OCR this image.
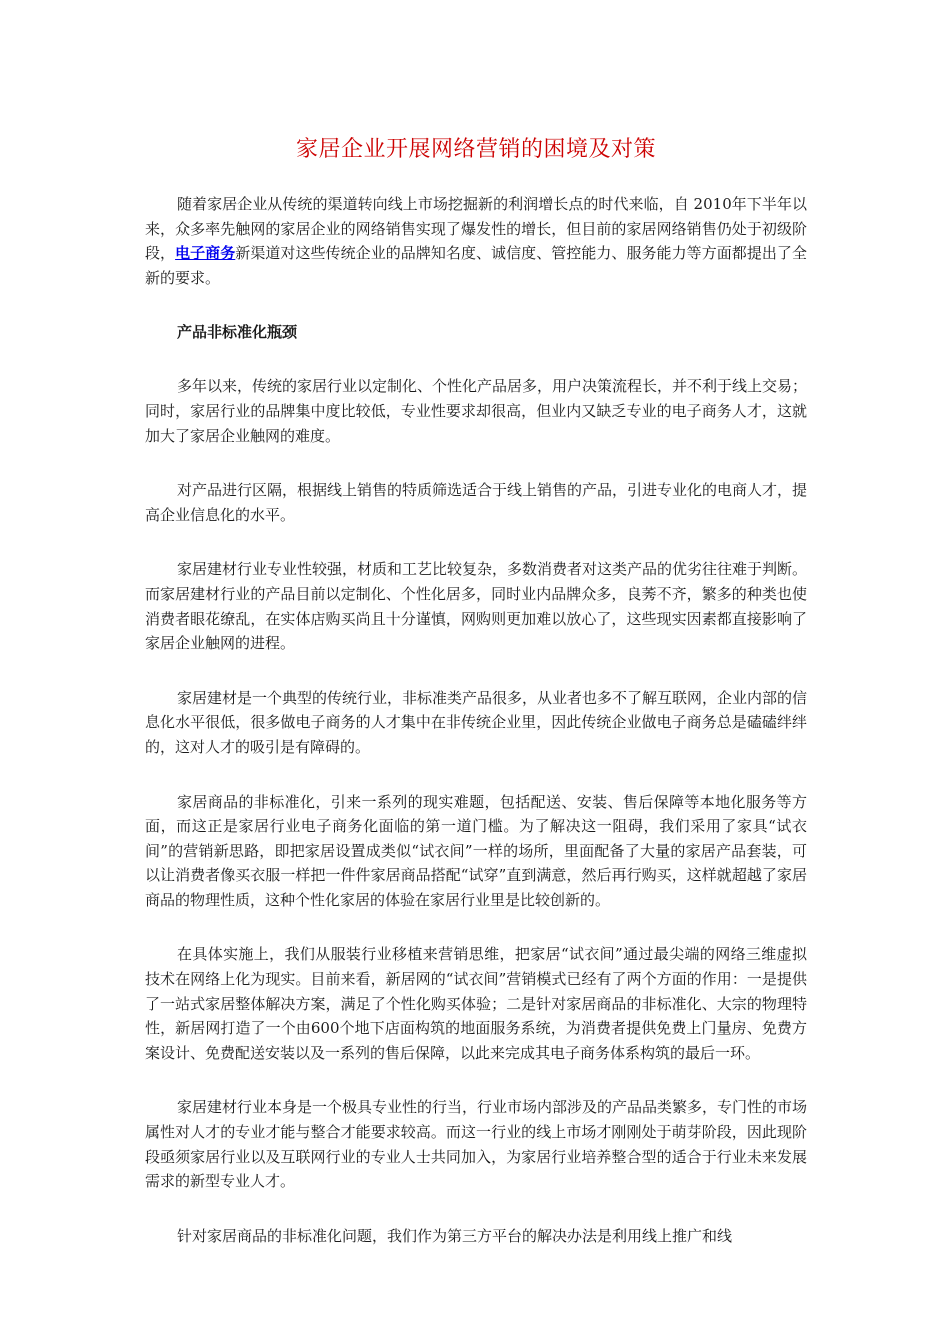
家居企业开展网络营销的困境及对策

随着家居企业从传统的渠道转向线上市场挖掘新的利润增长点的时代来临，自 2010年下半年以来，众多率先触网的家居企业的网络销售实现了爆发性的增长，但目前的家居网络销售仍处于初级阶段，电子商务新渠道对这些传统企业的品牌知名度、诚信度、管控能力、服务能力等方面都提出了全新的要求。

产品非标准化瓶颈

多年以来，传统的家居行业以定制化、个性化产品居多，用户决策流程长，并不利于线上交易；同时，家居行业的品牌集中度比较低，专业性要求却很高，但业内又缺乏专业的电子商务人才，这就加大了家居企业触网的难度。

对产品进行区隔，根据线上销售的特质筛选适合于线上销售的产品，引进专业化的电商人才，提高企业信息化的水平。

家居建材行业专业性较强，材质和工艺比较复杂，多数消费者对这类产品的优劣往往难于判断。而家居建材行业的产品目前以定制化、个性化居多，同时业内品牌众多，良莠不齐，繁多的种类也使消费者眼花缭乱，在实体店购买尚且十分谨慎，网购则更加难以放心了，这些现实因素都直接影响了家居企业触网的进程。

家居建材是一个典型的传统行业，非标准类产品很多，从业者也多不了解互联网，企业内部的信息化水平很低，很多做电子商务的人才集中在非传统企业里，因此传统企业做电子商务总是磕磕绊绊的，这对人才的吸引是有障碍的。

家居商品的非标准化，引来一系列的现实难题，包括配送、安装、售后保障等本地化服务等方面，而这正是家居行业电子商务化面临的第一道门槛。为了解决这一阻碍，我们采用了家具“试衣间”的营销新思路，即把家居设置成类似“试衣间”一样的场所，里面配备了大量的家居产品套装，可以让消费者像买衣服一样把一件件家居商品搭配“试穿”直到满意，然后再行购买，这样就超越了家居商品的物理性质，这种个性化家居的体验在家居行业里是比较创新的。

在具体实施上，我们从服装行业移植来营销思维，把家居“试衣间”通过最尖端的网络三维虚拟技术在网络上化为现实。目前来看，新居网的“试衣间”营销模式已经有了两个方面的作用：一是提供了一站式家居整体解决方案，满足了个性化购买体验；二是针对家居商品的非标准化、大宗的物理特性，新居网打造了一个由600个地下店面构筑的地面服务系统，为消费者提供免费上门量房、免费方案设计、免费配送安装以及一系列的售后保障，以此来完成其电子商务体系构筑的最后一环。

家居建材行业本身是一个极具专业性的行当，行业市场内部涉及的产品品类繁多，专门性的市场属性对人才的专业才能与整合才能要求较高。而这一行业的线上市场才刚刚处于萌芽阶段，因此现阶段亟须家居行业以及互联网行业的专业人士共同加入，为家居行业培养整合型的适合于行业未来发展需求的新型专业人才。

针对家居商品的非标准化问题，我们作为第三方平台的解决办法是利用线上推广和线
